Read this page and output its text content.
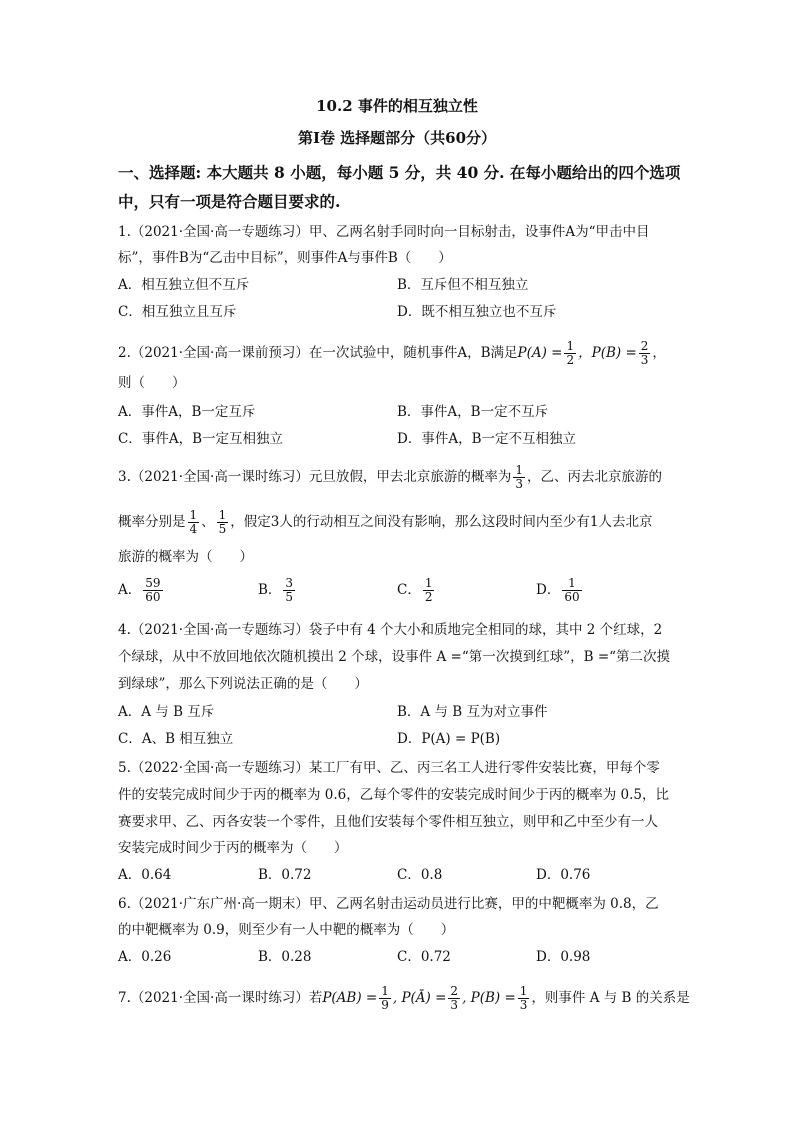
10.2 事件的相互独立性
第Ⅰ卷 选择题部分（共60分）
一、选择题: 本大题共 8 小题，每小题 5 分，共 40 分. 在每小题给出的四个选项
中，只有一项是符合题目要求的.
1.（2021·全国·高一专题练习）甲、乙两名射手同时向一目标射击，设事件A为“甲击中目
标”，事件B为“乙击中目标”，则事件A与事件B（　　）
A．相互独立但不互斥	B．互斥但不相互独立
C．相互独立且互斥	D．既不相互独立也不互斥
2.（2021·全国·高一课前预习）在一次试验中，随机事件A，B满足$P(A) = \frac{1}{2}$ ，$P(B) = \frac{2}{3}$ ，
则（　　）
A．事件A，B一定互斥	B．事件A，B一定不互斥
C．事件A，B一定互相独立	D．事件A，B一定不互相独立
3.（2021·全国·高一课时练习）元旦放假，甲去北京旅游的概率为 $\frac{1}{3}$ ，乙、丙去北京旅游的
概率分别是 $\frac{1}{4}$ 、 $\frac{1}{5}$ ，假定3人的行动相互之间没有影响，那么这段时间内至少有1人去北京
旅游的概率为（　　）
A． $\frac{59}{60}$	B． $\frac{3}{5}$	C． $\frac{1}{2}$	D． $\frac{1}{60}$
4.（2021·全国·高一专题练习）袋子中有 4 个大小和质地完全相同的球，其中 2 个红球，2
个绿球，从中不放回地依次随机摸出 2 个球，设事件 A =“第一次摸到红球”，B =“第二次摸
到绿球”，那么下列说法正确的是（　　）
A．A 与 B 互斥	B．A 与 B 互为对立事件
C．A、B 相互独立	D．P(A) = P(B)
5.（2022·全国·高一专题练习）某工厂有甲、乙、丙三名工人进行零件安装比赛，甲每个零
件的安装完成时间少于丙的概率为 0.6，乙每个零件的安装完成时间少于丙的概率为 0.5，比
赛要求甲、乙、丙各安装一个零件，且他们安装每个零件相互独立，则甲和乙中至少有一人
安装完成时间少于丙的概率为（　　）
A．0.64	B．0.72	C．0.8	D．0.76
6.（2021·广东广州·高一期末）甲、乙两名射击运动员进行比赛，甲的中靶概率为 0.8，乙
的中靶概率为 0.9，则至少有一人中靶的概率为（　　）
A．0.26	B．0.28	C．0.72	D．0.98
7.（2021·全国·高一课时练习）若$P(AB) = \frac{1}{9}$ , P(Ā) = $\frac{2}{3}$ , $P(B) = \frac{1}{3}$ ，则事件 A 与 B 的关系是
